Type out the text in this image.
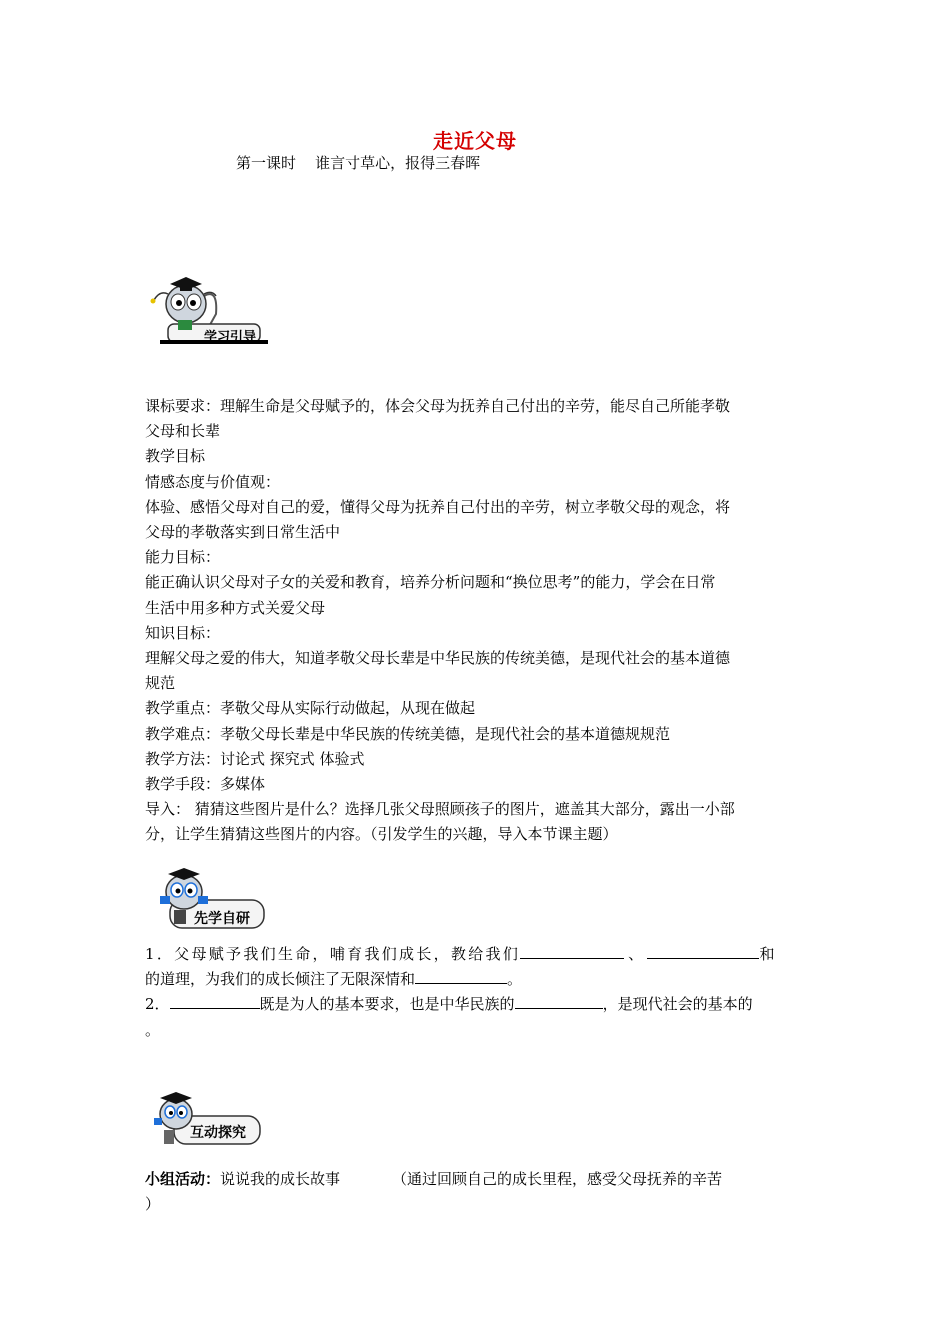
走近父母
第一课时    谁言寸草心，报得三春晖
学习引导
课标要求：理解生命是父母赋予的，体会父母为抚养自己付出的辛劳，能尽自己所能孝敬
父母和长辈
教学目标
情感态度与价值观：
体验、感悟父母对自己的爱，懂得父母为抚养自己付出的辛劳，树立孝敬父母的观念，将
父母的孝敬落实到日常生活中
能力目标：
能正确认识父母对子女的关爱和教育，培养分析问题和“换位思考”的能力，学会在日常
生活中用多种方式关爱父母
知识目标：
理解父母之爱的伟大，知道孝敬父母长辈是中华民族的传统美德，是现代社会的基本道德
规范
教学重点：孝敬父母从实际行动做起，从现在做起
教学难点：孝敬父母长辈是中华民族的传统美德，是现代社会的基本道德规规范
教学方法：讨论式 探究式 体验式
教学手段：多媒体
导入： 猜猜这些图片是什么？选择几张父母照顾孩子的图片，遮盖其大部分，露出一小部
分，让学生猜猜这些图片的内容。（引发学生的兴趣，导入本节课主题）
先学自研
1．父母赋予我们生命，哺育我们成长，教给我们	、	和
的道理，为我们的成长倾注了无限深情和	。
2．	既是为人的基本要求，也是中华民族的	，是现代社会的基本的
。
互动探究
小组活动：说说我的成长故事	（通过回顾自己的成长里程，感受父母抚养的辛苦
）
